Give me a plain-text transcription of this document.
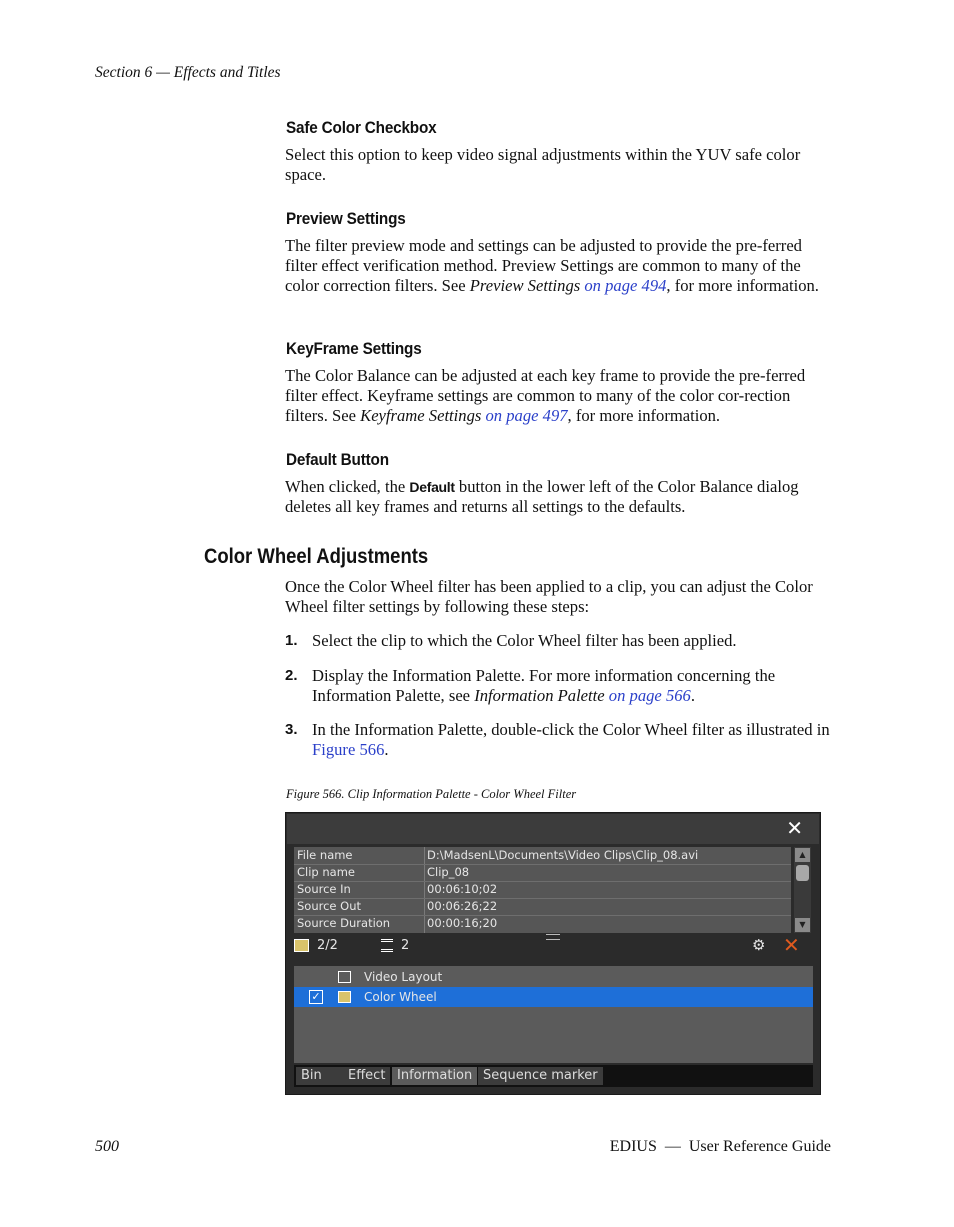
Section 6 — Effects and Titles
Safe Color Checkbox
Select this option to keep video signal adjustments within the YUV safe color space.
Preview Settings
The filter preview mode and settings can be adjusted to provide the pre-ferred filter effect verification method. Preview Settings are common to many of the color correction filters. See Preview Settings on page 494, for more information.
KeyFrame Settings
The Color Balance can be adjusted at each key frame to provide the pre-ferred filter effect. Keyframe settings are common to many of the color cor-rection filters. See Keyframe Settings on page 497, for more information.
Default Button
When clicked, the Default button in the lower left of the Color Balance dialog deletes all key frames and returns all settings to the defaults.
Color Wheel Adjustments
Once the Color Wheel filter has been applied to a clip, you can adjust the Color Wheel filter settings by following these steps:
1. Select the clip to which the Color Wheel filter has been applied.
2. Display the Information Palette. For more information concerning the Information Palette, see Information Palette on page 566.
3. In the Information Palette, double-click the Color Wheel filter as illustrated in Figure 566.
Figure 566. Clip Information Palette - Color Wheel Filter
✕
File name	D:\MadsenL\Documents\Video Clips\Clip_08.avi
Clip name	Clip_08
Source In	00:06:10;02
Source Out	00:06:26;22
Source Duration	00:00:16;20
▲
▼
2/2	2	⚙ ✕
Video Layout
✓	Color Wheel
Bin	Effect Information Sequence marker
500	EDIUS  —  User Reference Guide
